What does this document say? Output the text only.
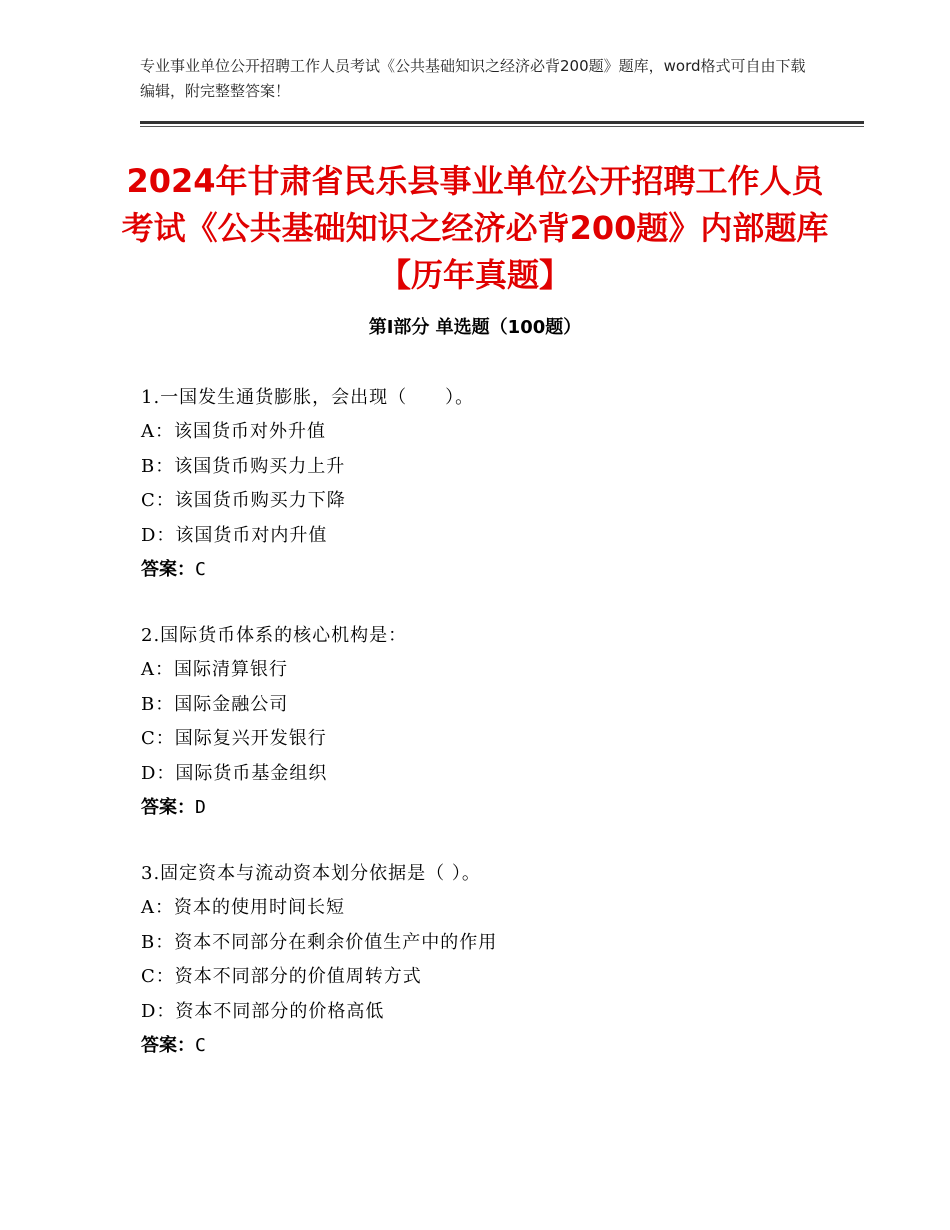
专业事业单位公开招聘工作人员考试《公共基础知识之经济必背200题》题库，word格式可自由下载编辑，附完整整答案！
2024年甘肃省民乐县事业单位公开招聘工作人员考试《公共基础知识之经济必背200题》内部题库【历年真题】
第Ⅰ部分 单选题（100题）
1.一国发生通货膨胀，会出现（　　）。
A：该国货币对外升值
B：该国货币购买力上升
C：该国货币购买力下降
D：该国货币对内升值
答案：C
2.国际货币体系的核心机构是：
A：国际清算银行
B：国际金融公司
C：国际复兴开发银行
D：国际货币基金组织
答案：D
3.固定资本与流动资本划分依据是（ ）。
A：资本的使用时间长短
B：资本不同部分在剩余价值生产中的作用
C：资本不同部分的价值周转方式
D：资本不同部分的价格高低
答案：C
